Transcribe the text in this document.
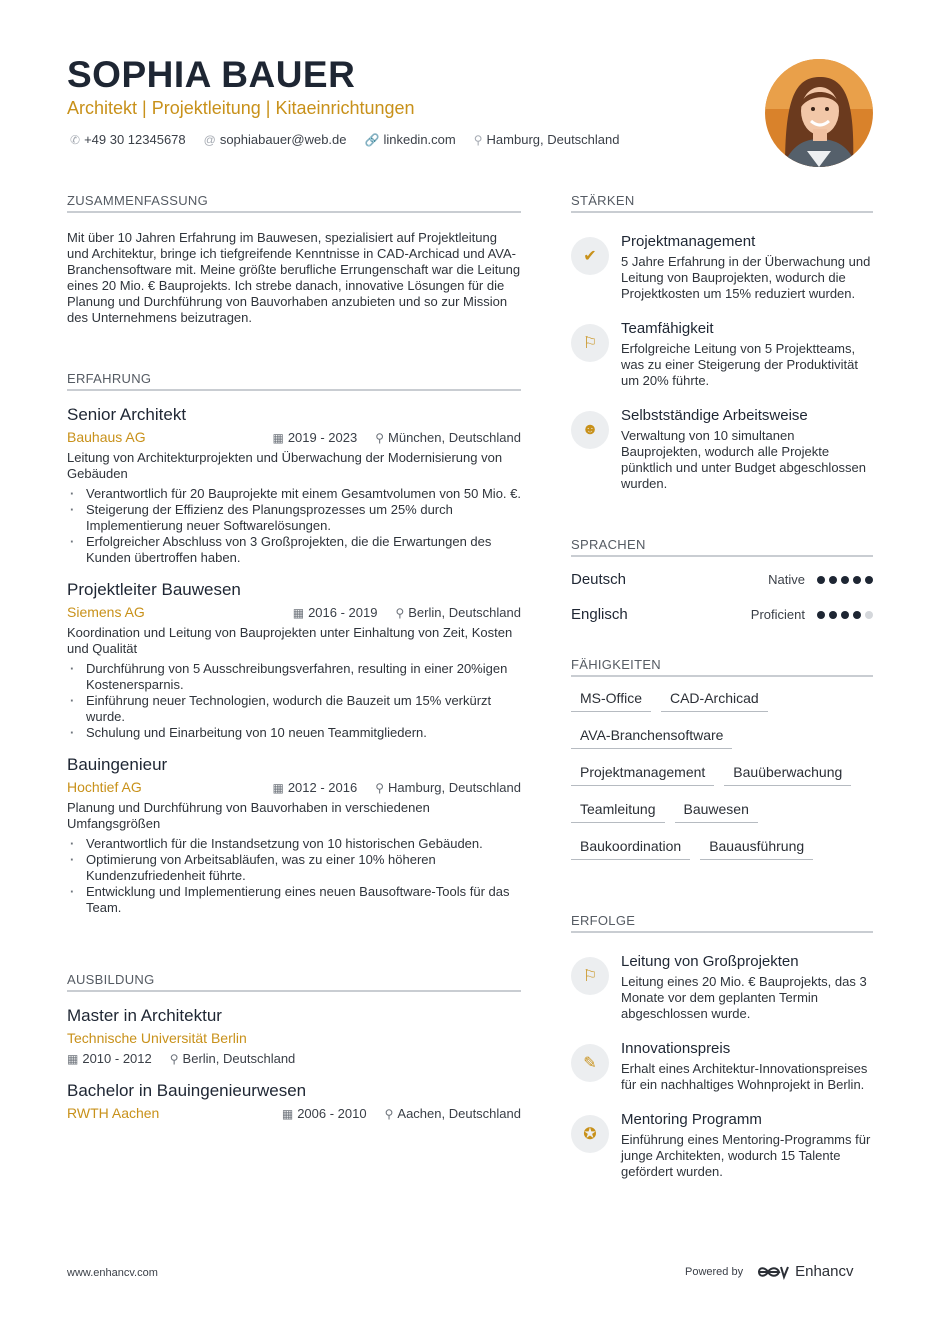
SOPHIA BAUER
Architekt | Projektleitung | Kitaeinrichtungen
✆ +49 30 12345678 @ sophiabauer@web.de 🔗 linkedin.com ⚲ Hamburg, Deutschland
ZUSAMMENFASSUNG
Mit über 10 Jahren Erfahrung im Bauwesen, spezialisiert auf Projektleitung und Architektur, bringe ich tiefgreifende Kenntnisse in CAD-Archicad und AVA-Branchensoftware mit. Meine größte berufliche Errungenschaft war die Leitung eines 20 Mio. € Bauprojekts. Ich strebe danach, innovative Lösungen für die Planung und Durchführung von Bauvorhaben anzubieten und so zur Mission des Unternehmens beizutragen.
ERFAHRUNG
Senior Architekt
Bauhaus AG	▦ 2019 - 2023 ⚲ München, Deutschland
Leitung von Architekturprojekten und Überwachung der Modernisierung von Gebäuden
· Verantwortlich für 20 Bauprojekte mit einem Gesamtvolumen von 50 Mio. €.
· Steigerung der Effizienz des Planungsprozesses um 25% durch Implementierung neuer Softwarelösungen.
· Erfolgreicher Abschluss von 3 Großprojekten, die die Erwartungen des Kunden übertroffen haben.
Projektleiter Bauwesen
Siemens AG	▦ 2016 - 2019 ⚲ Berlin, Deutschland
Koordination und Leitung von Bauprojekten unter Einhaltung von Zeit, Kosten und Qualität
· Durchführung von 5 Ausschreibungsverfahren, resulting in einer 20%igen Kostenersparnis.
· Einführung neuer Technologien, wodurch die Bauzeit um 15% verkürzt wurde.
· Schulung und Einarbeitung von 10 neuen Teammitgliedern.
Bauingenieur
Hochtief AG	▦ 2012 - 2016 ⚲ Hamburg, Deutschland
Planung und Durchführung von Bauvorhaben in verschiedenen Umfangsgrößen
· Verantwortlich für die Instandsetzung von 10 historischen Gebäuden.
· Optimierung von Arbeitsabläufen, was zu einer 10% höheren Kundenzufriedenheit führte.
· Entwicklung und Implementierung eines neuen Bausoftware-Tools für das Team.
AUSBILDUNG
Master in Architektur
Technische Universität Berlin
▦ 2010 - 2012 ⚲ Berlin, Deutschland
Bachelor in Bauingenieurwesen
RWTH Aachen	▦ 2006 - 2010 ⚲ Aachen, Deutschland
STÄRKEN
✔
Projektmanagement
5 Jahre Erfahrung in der Überwachung und Leitung von Bauprojekten, wodurch die Projektkosten um 15% reduziert wurden.
⚐
Teamfähigkeit
Erfolgreiche Leitung von 5 Projektteams, was zu einer Steigerung der Produktivität um 20% führte.
☻
Selbstständige Arbeitsweise
Verwaltung von 10 simultanen Bauprojekten, wodurch alle Projekte pünktlich und unter Budget abgeschlossen wurden.
SPRACHEN
Deutsch	Native
Englisch	Proficient
FÄHIGKEITEN
MS-Office	CAD-Archicad
AVA-Branchensoftware
Projektmanagement	Bauüberwachung
Teamleitung	Bauwesen
Baukoordination	Bauausführung
ERFOLGE
⚐
Leitung von Großprojekten
Leitung eines 20 Mio. € Bauprojekts, das 3 Monate vor dem geplanten Termin abgeschlossen wurde.
✎
Innovationspreis
Erhalt eines Architektur-Innovationspreises für ein nachhaltiges Wohnprojekt in Berlin.
✪
Mentoring Programm
Einführung eines Mentoring-Programms für junge Architekten, wodurch 15 Talente gefördert wurden.
www.enhancv.com	Powered by	Enhancv
